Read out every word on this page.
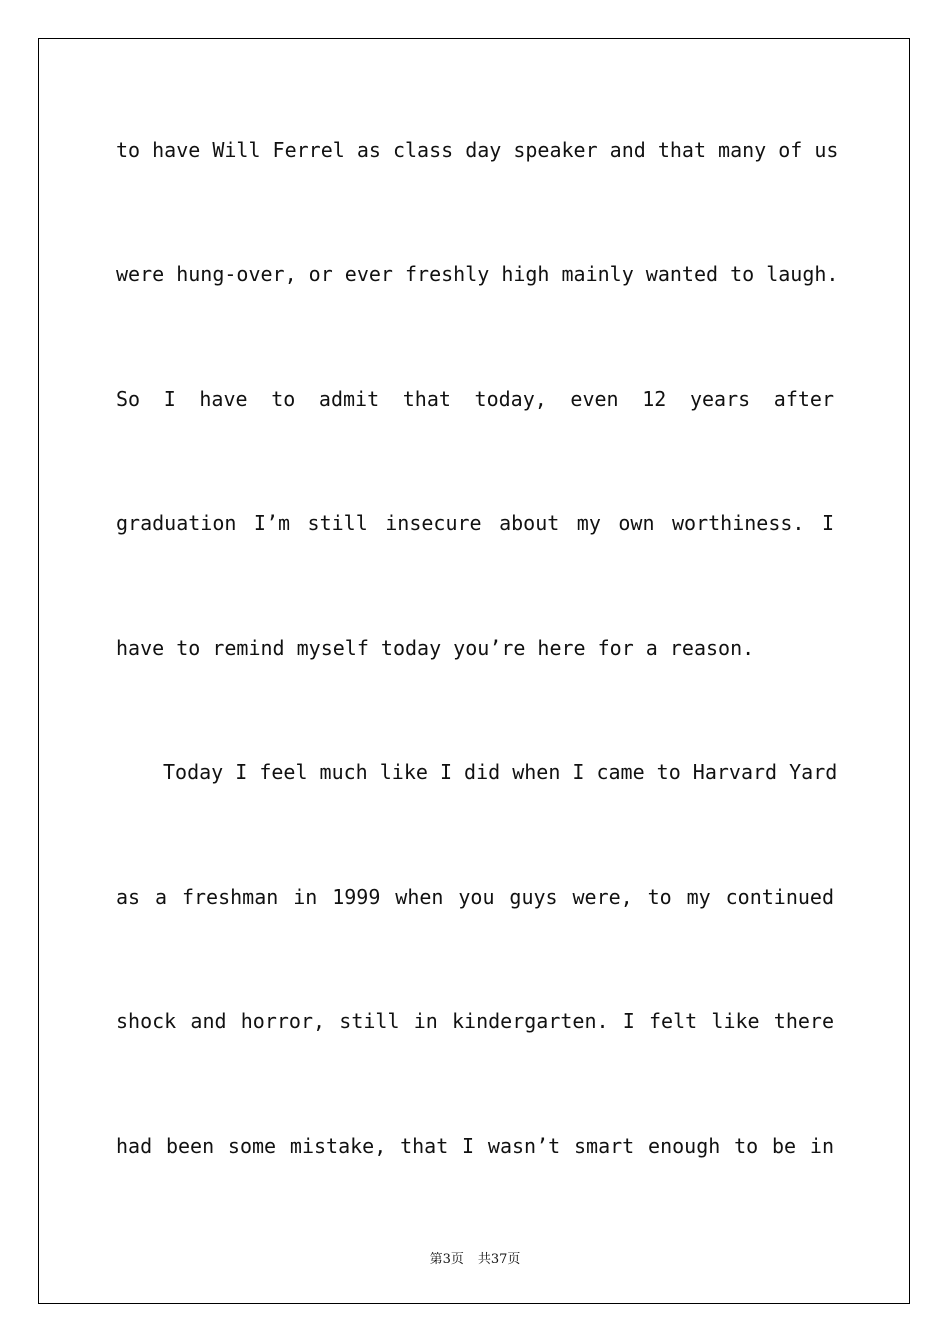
to have Will Ferrel as class day speaker and that many of us
were hung-over, or ever freshly high mainly wanted to laugh.
So I have to admit that today, even 12 years after
graduation I’m still insecure about my own worthiness. I
have to remind myself today you’re here for a reason.
Today I feel much like I did when I came to Harvard Yard
as a freshman in 1999 when you guys were, to my continued
shock and horror, still in kindergarten. I felt like there
had been some mistake, that I wasn’t smart enough to be in
第3页 共37页
